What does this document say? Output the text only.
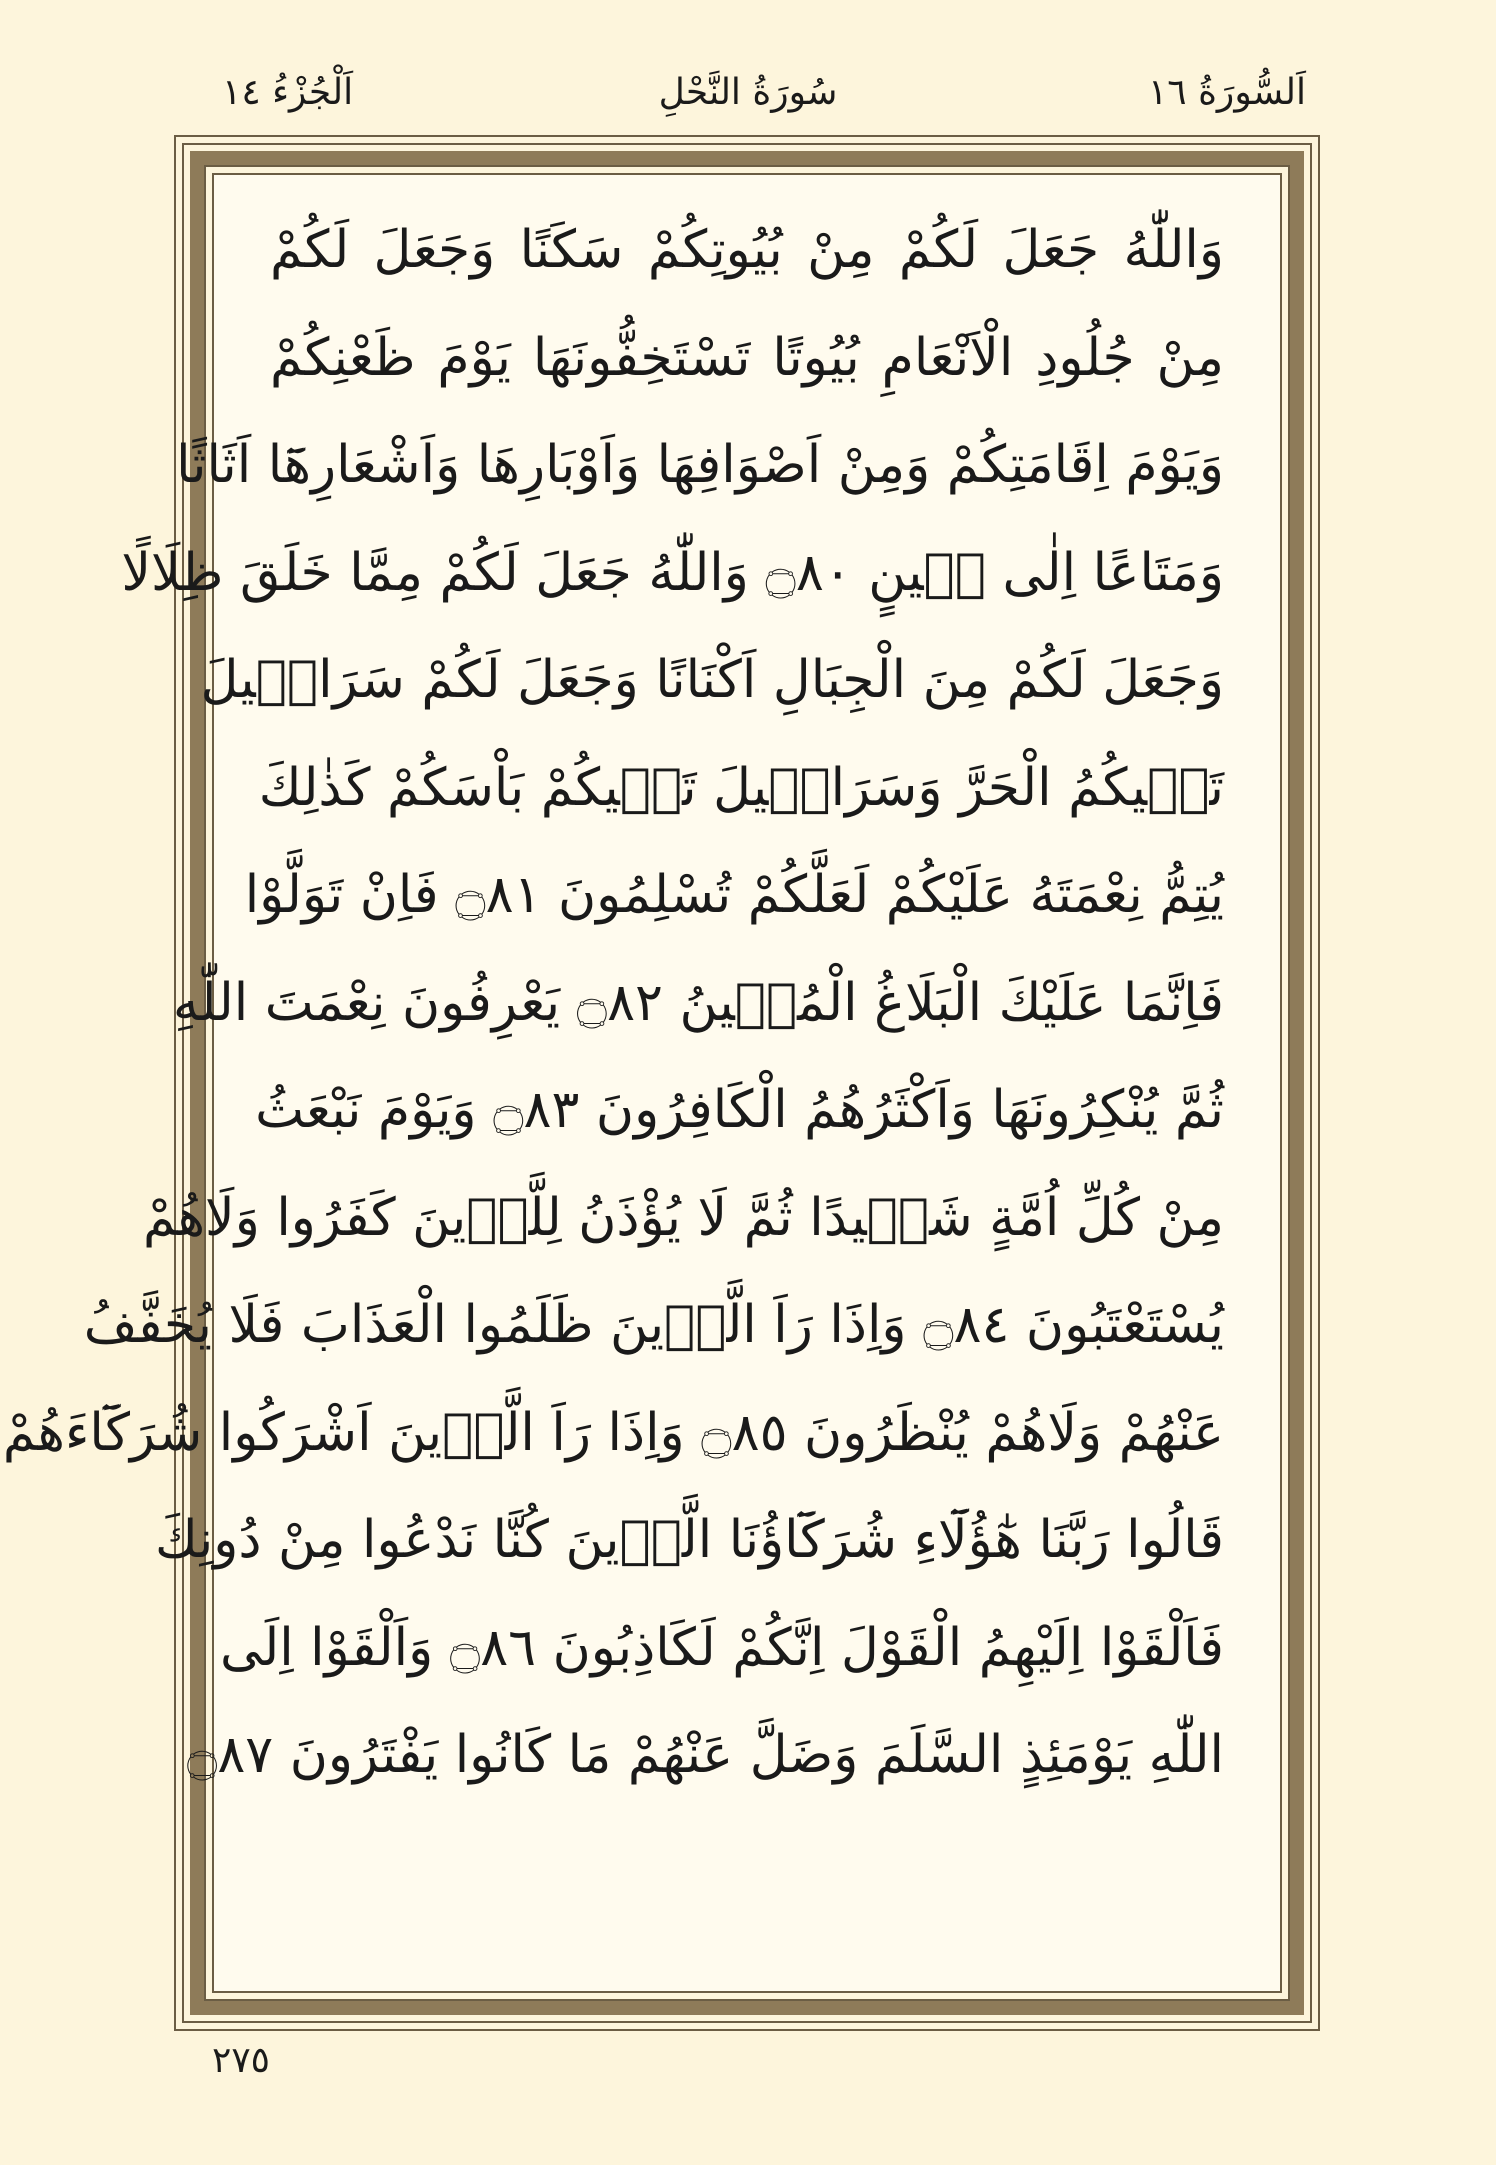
اَلسُّورَةُ ١٦
سُورَةُ النَّحْلِ
اَلْجُزْءُ ١٤
وَاللّٰهُ جَعَلَ لَكُمْ مِنْ بُيُوتِكُمْ سَكَنًا وَجَعَلَ لَكُمْ
مِنْ جُلُودِ الْاَنْعَامِ بُيُوتًا تَسْتَخِفُّونَهَا يَوْمَ ظَعْنِكُمْ
وَيَوْمَ اِقَامَتِكُمْ وَمِنْ اَصْوَافِهَا وَاَوْبَارِهَا وَاَشْعَارِهَٓا اَثَاثًا
وَمَتَاعًا اِلٰى حٖينٍ ۝٨٠ وَاللّٰهُ جَعَلَ لَكُمْ مِمَّا خَلَقَ ظِلَالًا
وَجَعَلَ لَكُمْ مِنَ الْجِبَالِ اَكْنَانًا وَجَعَلَ لَكُمْ سَرَابٖيلَ
تَقٖيكُمُ الْحَرَّ وَسَرَابٖيلَ تَقٖيكُمْ بَاْسَكُمْ كَذٰلِكَ
يُتِمُّ نِعْمَتَهُ عَلَيْكُمْ لَعَلَّكُمْ تُسْلِمُونَ ۝٨١ فَاِنْ تَوَلَّوْا
فَاِنَّمَا عَلَيْكَ الْبَلَاغُ الْمُبٖينُ ۝٨٢ يَعْرِفُونَ نِعْمَتَ اللّٰهِ
ثُمَّ يُنْكِرُونَهَا وَاَكْثَرُهُمُ الْكَافِرُونَ ۝٨٣ وَيَوْمَ نَبْعَثُ
مِنْ كُلِّ اُمَّةٍ شَهٖيدًا ثُمَّ لَا يُؤْذَنُ لِلَّذٖينَ كَفَرُوا وَلَاهُمْ
يُسْتَعْتَبُونَ ۝٨٤ وَاِذَا رَاَ الَّذٖينَ ظَلَمُوا الْعَذَابَ فَلَا يُخَفَّفُ
عَنْهُمْ وَلَاهُمْ يُنْظَرُونَ ۝٨٥ وَاِذَا رَاَ الَّذٖينَ اَشْرَكُوا شُرَكَٓاءَهُمْ
قَالُوا رَبَّنَا هٰٓؤُلَٓاءِ شُرَكَٓاؤُنَا الَّذٖينَ كُنَّا نَدْعُوا مِنْ دُونِكَ
فَاَلْقَوْا اِلَيْهِمُ الْقَوْلَ اِنَّكُمْ لَكَاذِبُونَ ۝٨٦ وَاَلْقَوْا اِلَى
اللّٰهِ يَوْمَئِذٍ السَّلَمَ وَضَلَّ عَنْهُمْ مَا كَانُوا يَفْتَرُونَ ۝٨٧
٢٧٥
